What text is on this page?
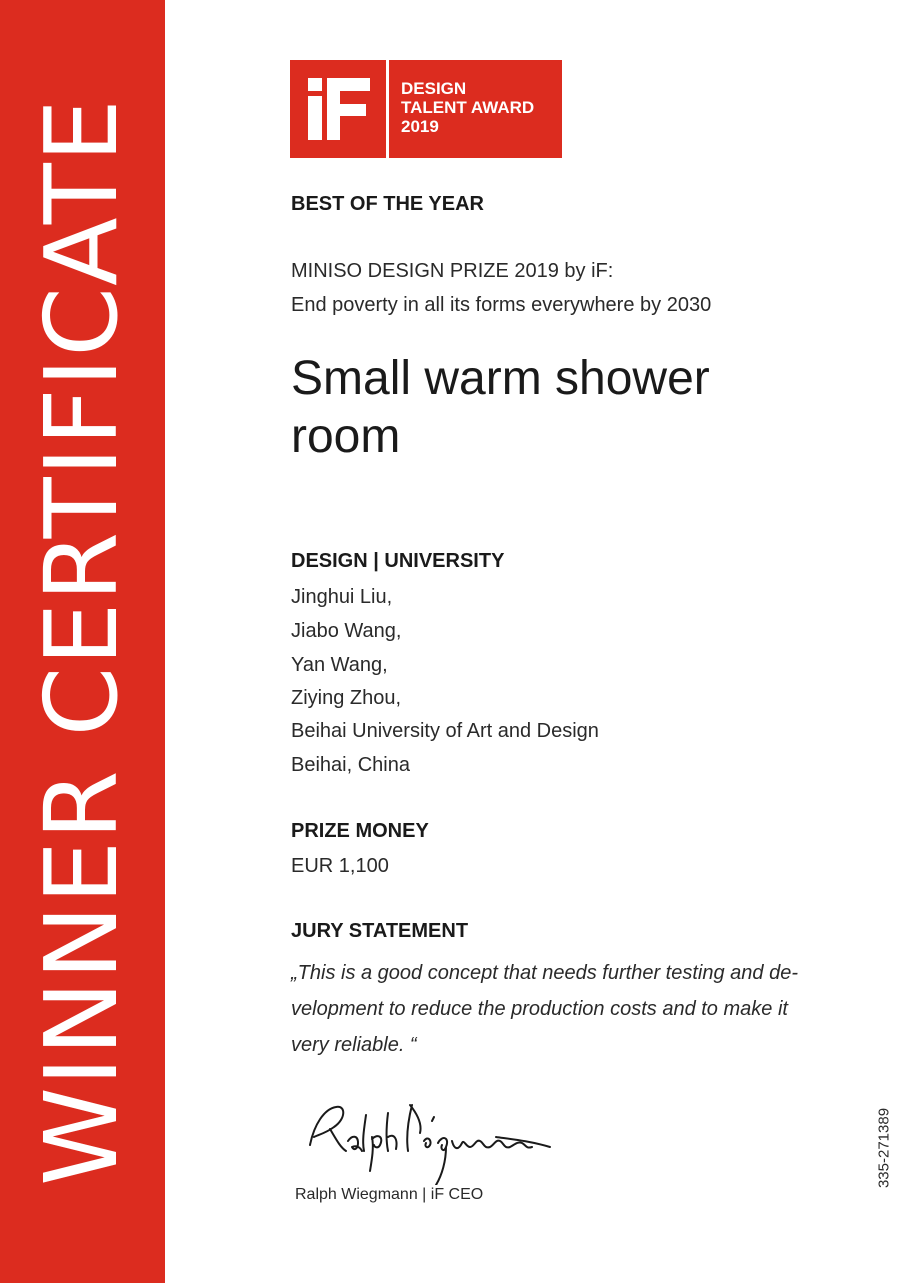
WINNER CERTIFICATE
DESIGN
TALENT AWARD
2019
BEST OF THE YEAR
MINISO DESIGN PRIZE 2019 by iF:
End poverty in all its forms everywhere by 2030
Small warm shower
room
DESIGN | UNIVERSITY
Jinghui Liu,
Jiabo Wang,
Yan Wang,
Ziying Zhou,
Beihai University of Art and Design
Beihai, China
PRIZE MONEY
EUR 1,100
JURY STATEMENT
„This is a good concept that needs further testing and de-
velopment to reduce the production costs and to make it
very reliable. “
Ralph Wiegmann | iF CEO
335-271389
